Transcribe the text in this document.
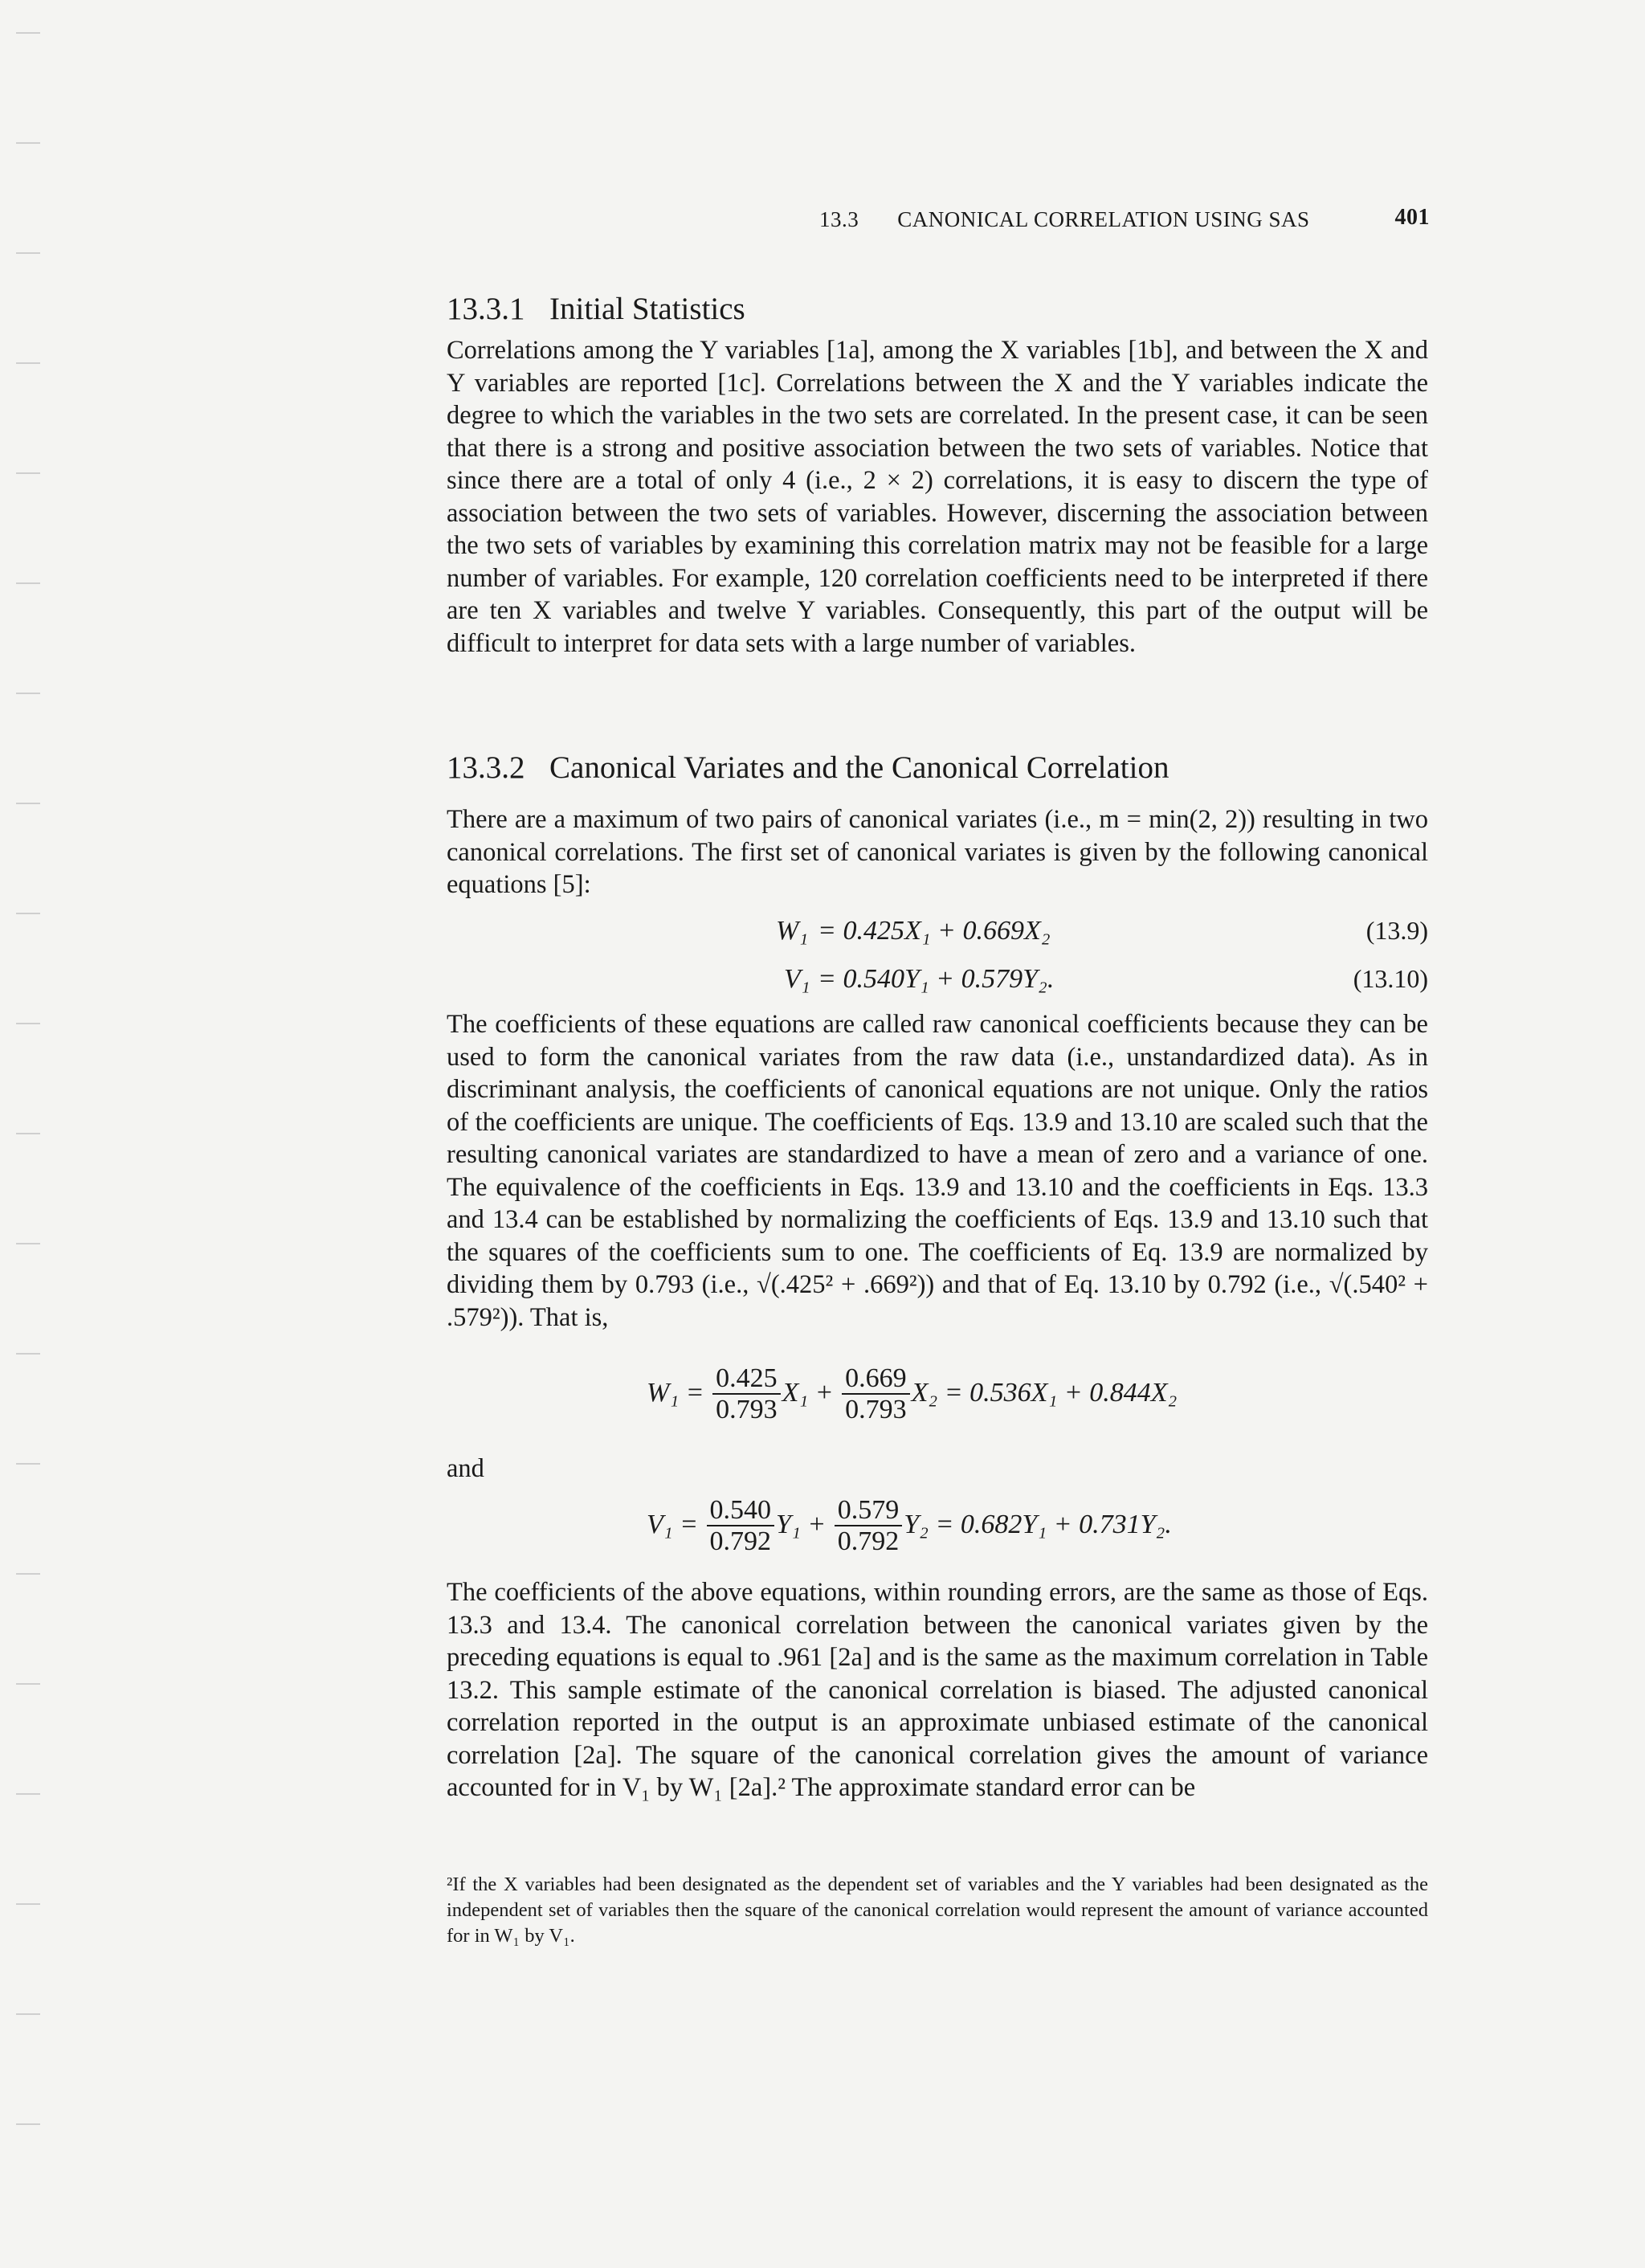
13.3 CANONICAL CORRELATION USING SAS	401
13.3.1 Initial Statistics

Correlations among the Y variables [1a], among the X variables [1b], and between the X and Y variables are reported [1c]. Correlations between the X and the Y variables indicate the degree to which the variables in the two sets are correlated. In the present case, it can be seen that there is a strong and positive association between the two sets of variables. Notice that since there are a total of only 4 (i.e., 2 × 2) correlations, it is easy to discern the type of association between the two sets of variables. However, discerning the association between the two sets of variables by examining this correlation matrix may not be feasible for a large number of variables. For example, 120 correlation coefficients need to be interpreted if there are ten X variables and twelve Y variables. Consequently, this part of the output will be difficult to interpret for data sets with a large number of variables.

13.3.2 Canonical Variates and the Canonical Correlation

There are a maximum of two pairs of canonical variates (i.e., m = min(2, 2)) resulting in two canonical correlations. The first set of canonical variates is given by the following canonical equations [5]:

W₁ = 0.425X₁ + 0.669X₂	(13.9)
V₁ = 0.540Y₁ + 0.579Y₂.	(13.10)

The coefficients of these equations are called raw canonical coefficients because they can be used to form the canonical variates from the raw data (i.e., unstandardized data). As in discriminant analysis, the coefficients of canonical equations are not unique. Only the ratios of the coefficients are unique. The coefficients of Eqs. 13.9 and 13.10 are scaled such that the resulting canonical variates are standardized to have a mean of zero and a variance of one. The equivalence of the coefficients in Eqs. 13.9 and 13.10 and the coefficients in Eqs. 13.3 and 13.4 can be established by normalizing the coefficients of Eqs. 13.9 and 13.10 such that the squares of the coefficients sum to one. The coefficients of Eq. 13.9 are normalized by dividing them by 0.793 (i.e., √(.425² + .669²)) and that of Eq. 13.10 by 0.792 (i.e., √(.540² + .579²)). That is,

$W_1 = \frac{0.425}{0.793} X_1 + \frac{0.669}{0.793} X_2 = 0.536X_1 + 0.844X_2$

and

$V_1 = \frac{0.540}{0.792} Y_1 + \frac{0.579}{0.792} Y_2 = 0.682Y_1 + 0.731Y_2$.

The coefficients of the above equations, within rounding errors, are the same as those of Eqs. 13.3 and 13.4. The canonical correlation between the canonical variates given by the preceding equations is equal to .961 [2a] and is the same as the maximum correlation in Table 13.2. This sample estimate of the canonical correlation is biased. The adjusted canonical correlation reported in the output is an approximate unbiased estimate of the canonical correlation [2a]. The square of the canonical correlation gives the amount of variance accounted for in V₁ by W₁ [2a].² The approximate standard error can be

²If the X variables had been designated as the dependent set of variables and the Y variables had been designated as the independent set of variables then the square of the canonical correlation would represent the amount of variance accounted for in W₁ by V₁.
